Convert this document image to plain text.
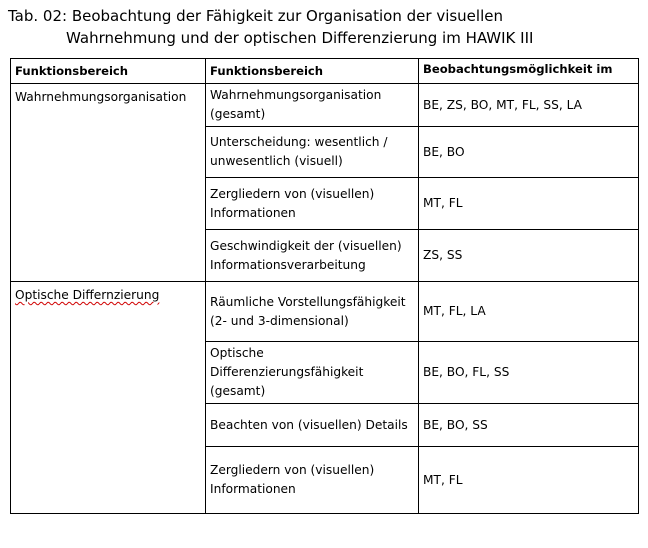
Tab. 02: Beobachtung der Fähigkeit zur Organisation der visuellen
Wahrnehmung und der optischen Differenzierung im HAWIK III
Funktionsbereich	Funktionsbereich	Beobachtungsmöglichkeit im
Wahrnehmungsorganisation	Wahrnehmungsorganisation (gesamt)	BE, ZS, BO, MT, FL, SS, LA
	Unterscheidung: wesentlich / unwesentlich (visuell)	BE, BO
	Zergliedern von (visuellen) Informationen	MT, FL
	Geschwindigkeit der (visuellen) Informationsverarbeitung	ZS, SS
Optische Differnzierung	Räumliche Vorstellungsfähigkeit (2- und 3-dimensional)	MT, FL, LA
	Optische Differenzierungsfähigkeit (gesamt)	BE, BO, FL, SS
	Beachten von (visuellen) Details	BE, BO, SS
	Zergliedern von (visuellen) Informationen	MT, FL
